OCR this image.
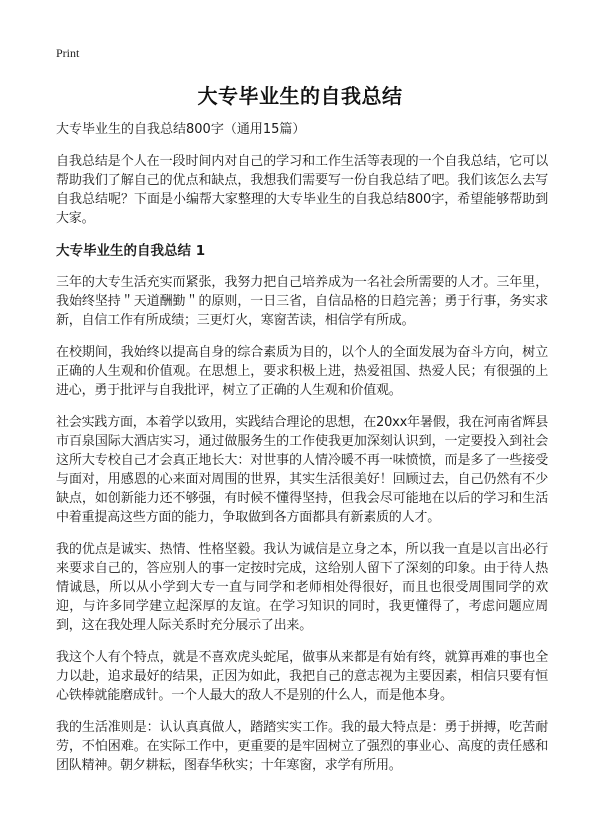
Print
大专毕业生的自我总结
大专毕业生的自我总结800字（通用15篇）

自我总结是个人在一段时间内对自己的学习和工作生活等表现的一个自我总结，它可以帮助我们了解自己的优点和缺点，我想我们需要写一份自我总结了吧。我们该怎么去写自我总结呢？下面是小编帮大家整理的大专毕业生的自我总结800字，希望能够帮助到大家。

大专毕业生的自我总结 1

三年的大专生活充实而紧张，我努力把自己培养成为一名社会所需要的人才。三年里，我始终坚持＂天道酬勤＂的原则，一日三省，自信品格的日趋完善；勇于行事，务实求新，自信工作有所成绩；三更灯火，寒窗苦读，相信学有所成。

在校期间，我始终以提高自身的综合素质为目的，以个人的全面发展为奋斗方向，树立正确的人生观和价值观。在思想上，要求积极上进，热爱祖国、热爱人民；有很强的上进心，勇于批评与自我批评，树立了正确的人生观和价值观。

社会实践方面，本着学以致用，实践结合理论的思想，在20xx年暑假，我在河南省辉县市百泉国际大酒店实习，通过做服务生的工作使我更加深刻认识到，一定要投入到社会这所大专校自己才会真正地长大：对世事的人情冷暖不再一味愤愤，而是多了一些接受与面对，用感恩的心来面对周围的世界，其实生活很美好！回顾过去，自己仍然有不少缺点，如创新能力还不够强，有时候不懂得坚持，但我会尽可能地在以后的学习和生活中着重提高这些方面的能力，争取做到各方面都具有新素质的人才。

我的优点是诚实、热情、性格坚毅。我认为诚信是立身之本，所以我一直是以言出必行来要求自己的，答应别人的事一定按时完成，这给别人留下了深刻的印象。由于待人热情诚恳，所以从小学到大专一直与同学和老师相处得很好，而且也很受周围同学的欢迎，与许多同学建立起深厚的友谊。在学习知识的同时，我更懂得了，考虑问题应周到，这在我处理人际关系时充分展示了出来。

我这个人有个特点，就是不喜欢虎头蛇尾，做事从来都是有始有终，就算再难的事也全力以赴，追求最好的结果，正因为如此，我把自己的意志视为主要因素，相信只要有恒心铁棒就能磨成针。一个人最大的敌人不是别的什么人，而是他本身。

我的生活准则是：认认真真做人，踏踏实实工作。我的最大特点是：勇于拼搏，吃苦耐劳，不怕困难。在实际工作中，更重要的是牢固树立了强烈的事业心、高度的责任感和团队精神。朝夕耕耘，图春华秋实；十年寒窗，求学有所用。
